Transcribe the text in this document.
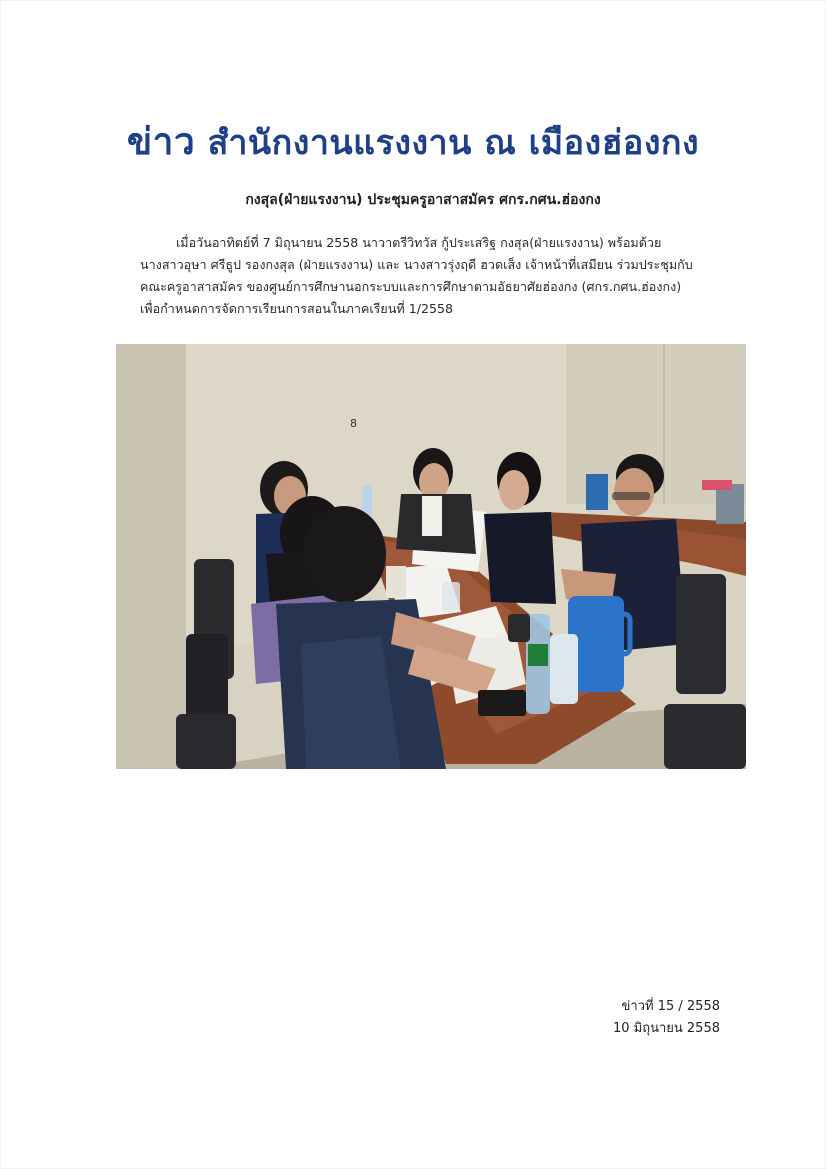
ข่าว สำนักงานแรงงาน ณ เมืองฮ่องกง
กงสุล(ฝ่ายแรงงาน) ประชุมครูอาสาสมัคร ศกร.กศน.ฮ่องกง
เมื่อวันอาทิตย์ที่ 7 มิถุนายน 2558 นาวาตรีวิทวัส กู้ประเสริฐ กงสุล(ฝ่ายแรงงาน) พร้อมด้วย
นางสาวอุษา ศรีธูป รองกงสุล (ฝ่ายแรงงาน) และ นางสาวรุ่งฤดี ฮวดเส็ง เจ้าหน้าที่เสมียน ร่วมประชุมกับ
คณะครูอาสาสมัคร ของศูนย์การศึกษานอกระบบและการศึกษาตามอัธยาศัยฮ่องกง (ศกร.กศน.ฮ่องกง)
เพื่อกำหนดการจัดการเรียนการสอนในภาคเรียนที่ 1/2558
8
ข่าวที่ 15 / 2558
10 มิถุนายน 2558
